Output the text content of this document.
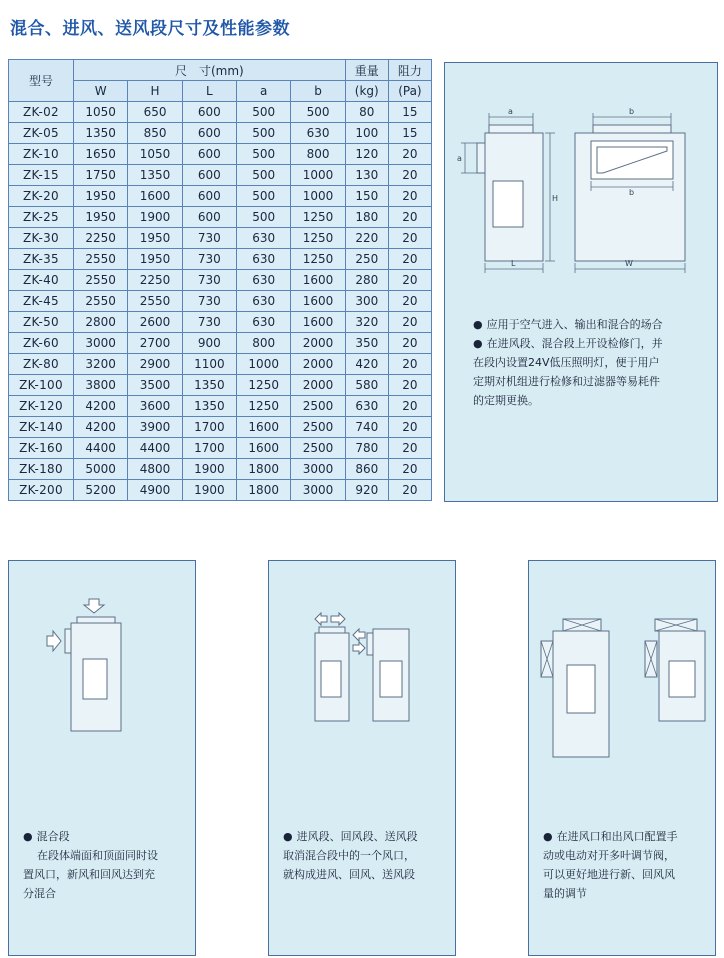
混合、进风、送风段尺寸及性能参数
型号	尺　寸(mm)					重量	阻力
	W	H	L	a	b	(kg)	(Pa)
ZK-02	1050	650	600	500	500	80	15
ZK-05	1350	850	600	500	630	100	15
ZK-10	1650	1050	600	500	800	120	20
ZK-15	1750	1350	600	500	1000	130	20
ZK-20	1950	1600	600	500	1000	150	20
ZK-25	1950	1900	600	500	1250	180	20
ZK-30	2250	1950	730	630	1250	220	20
ZK-35	2550	1950	730	630	1250	250	20
ZK-40	2550	2250	730	630	1600	280	20
ZK-45	2550	2550	730	630	1600	300	20
ZK-50	2800	2600	730	630	1600	320	20
ZK-60	3000	2700	900	800	2000	350	20
ZK-80	3200	2900	1100	1000	2000	420	20
ZK-100	3800	3500	1350	1250	2000	580	20
ZK-120	4200	3600	1350	1250	2500	630	20
ZK-140	4200	3900	1700	1600	2500	740	20
ZK-160	4400	4400	1700	1600	2500	780	20
ZK-180	5000	4800	1900	1800	3000	860	20
ZK-200	5200	4900	1900	1800	3000	920	20
a
a
H
L
b
b
W

● 应用于空气进入、输出和混合的场合

● 在进风段、混合段上开设检修门，并

在段内设置24V低压照明灯，便于用户

定期对机组进行检修和过滤器等易耗件

的定期更换。

● 混合段

在段体端面和顶面同时设

置风口，新风和回风达到充

分混合

● 进风段、回风段、送风段

取消混合段中的一个风口，

就构成进风、回风、送风段

● 在进风口和出风口配置手

动或电动对开多叶调节阀，

可以更好地进行新、回风风

量的调节
